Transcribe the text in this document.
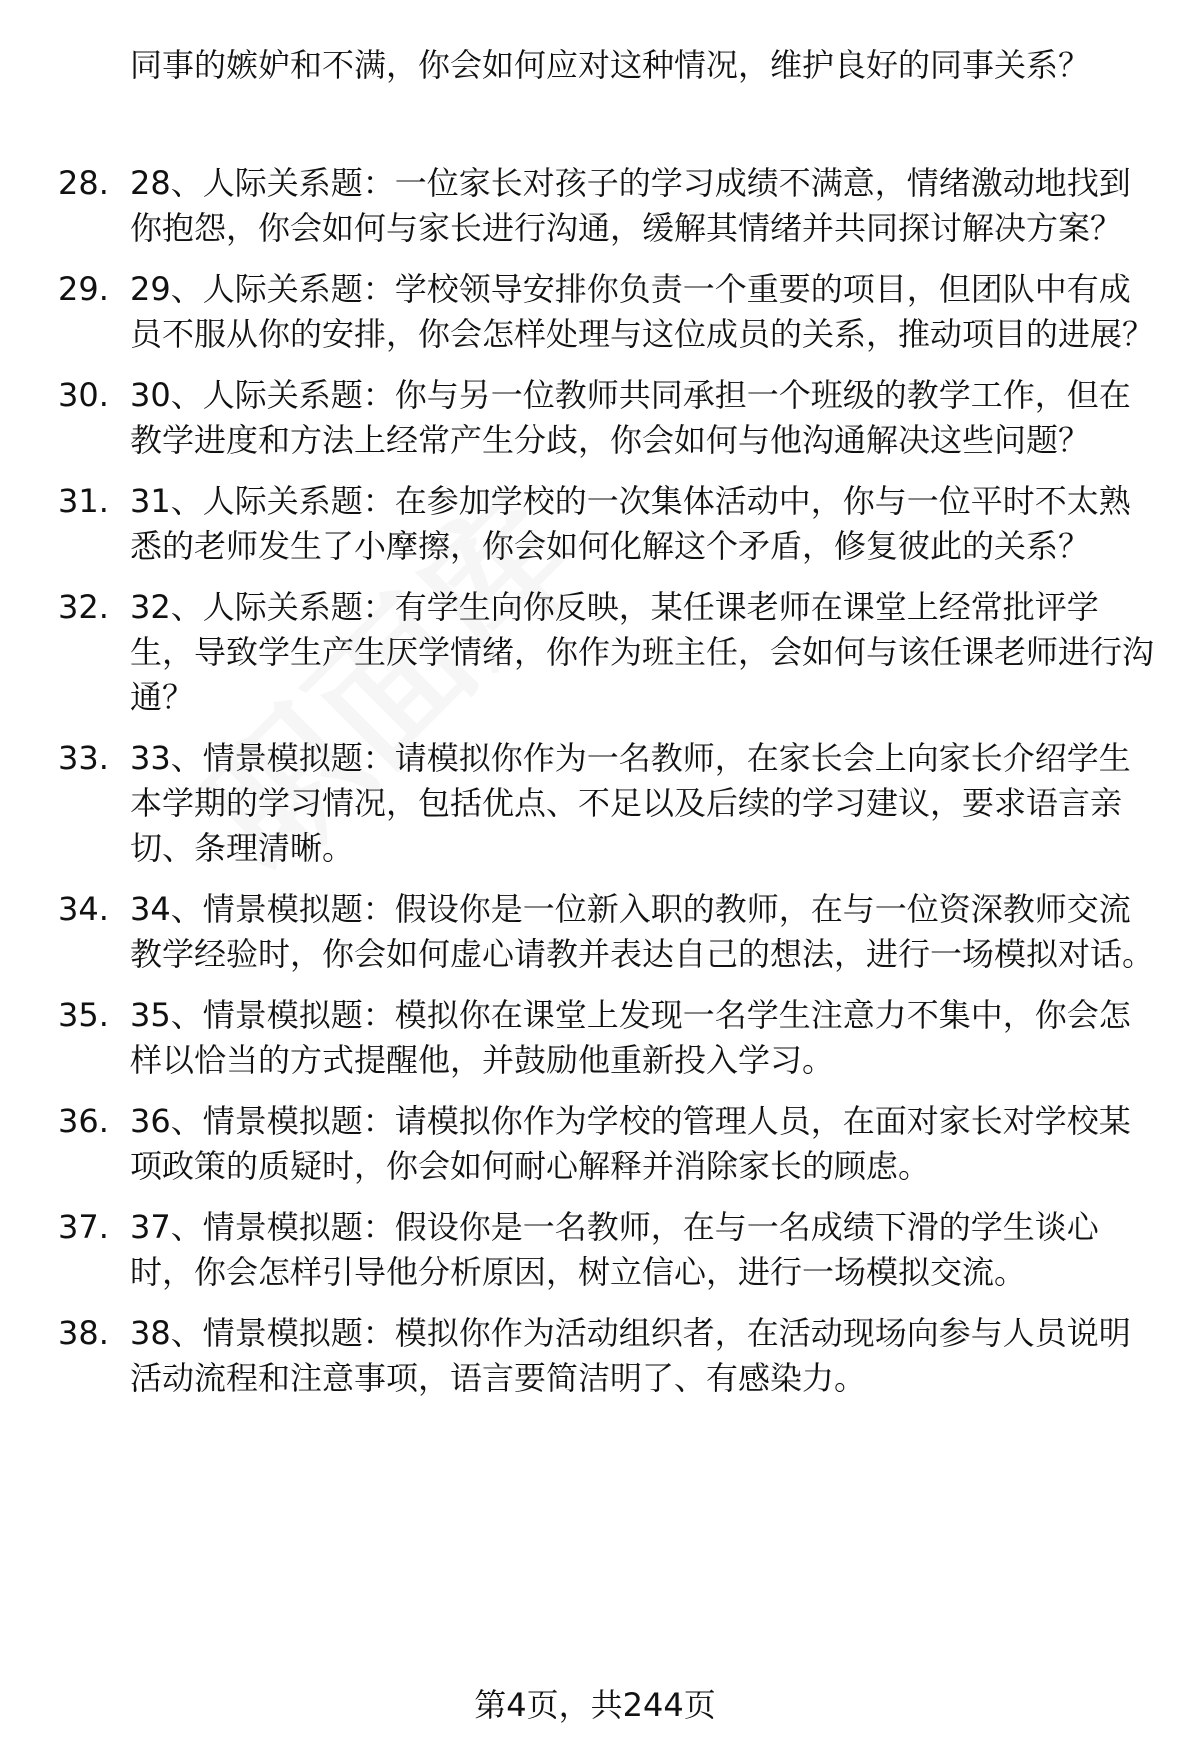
同事的嫉妒和不满，你会如何应对这种情况，维护良好的同事关系？

28. 28、人际关系题：一位家长对孩子的学习成绩不满意，情绪激动地找到你抱怨，你会如何与家长进行沟通，缓解其情绪并共同探讨解决方案？
29. 29、人际关系题：学校领导安排你负责一个重要的项目，但团队中有成员不服从你的安排，你会怎样处理与这位成员的关系，推动项目的进展？
30. 30、人际关系题：你与另一位教师共同承担一个班级的教学工作，但在教学进度和方法上经常产生分歧，你会如何与他沟通解决这些问题？
31. 31、人际关系题：在参加学校的一次集体活动中，你与一位平时不太熟悉的老师发生了小摩擦，你会如何化解这个矛盾，修复彼此的关系？
32. 32、人际关系题：有学生向你反映，某任课老师在课堂上经常批评学生，导致学生产生厌学情绪，你作为班主任，会如何与该任课老师进行沟通？
33. 33、情景模拟题：请模拟你作为一名教师，在家长会上向家长介绍学生本学期的学习情况，包括优点、不足以及后续的学习建议，要求语言亲切、条理清晰。
34. 34、情景模拟题：假设你是一位新入职的教师，在与一位资深教师交流教学经验时，你会如何虚心请教并表达自己的想法，进行一场模拟对话。
35. 35、情景模拟题：模拟你在课堂上发现一名学生注意力不集中，你会怎样以恰当的方式提醒他，并鼓励他重新投入学习。
36. 36、情景模拟题：请模拟你作为学校的管理人员，在面对家长对学校某项政策的质疑时，你会如何耐心解释并消除家长的顾虑。
37. 37、情景模拟题：假设你是一名教师，在与一名成绩下滑的学生谈心时，你会怎样引导他分析原因，树立信心，进行一场模拟交流。
38. 38、情景模拟题：模拟你作为活动组织者，在活动现场向参与人员说明活动流程和注意事项，语言要简洁明了、有感染力。
第4页，共244页
